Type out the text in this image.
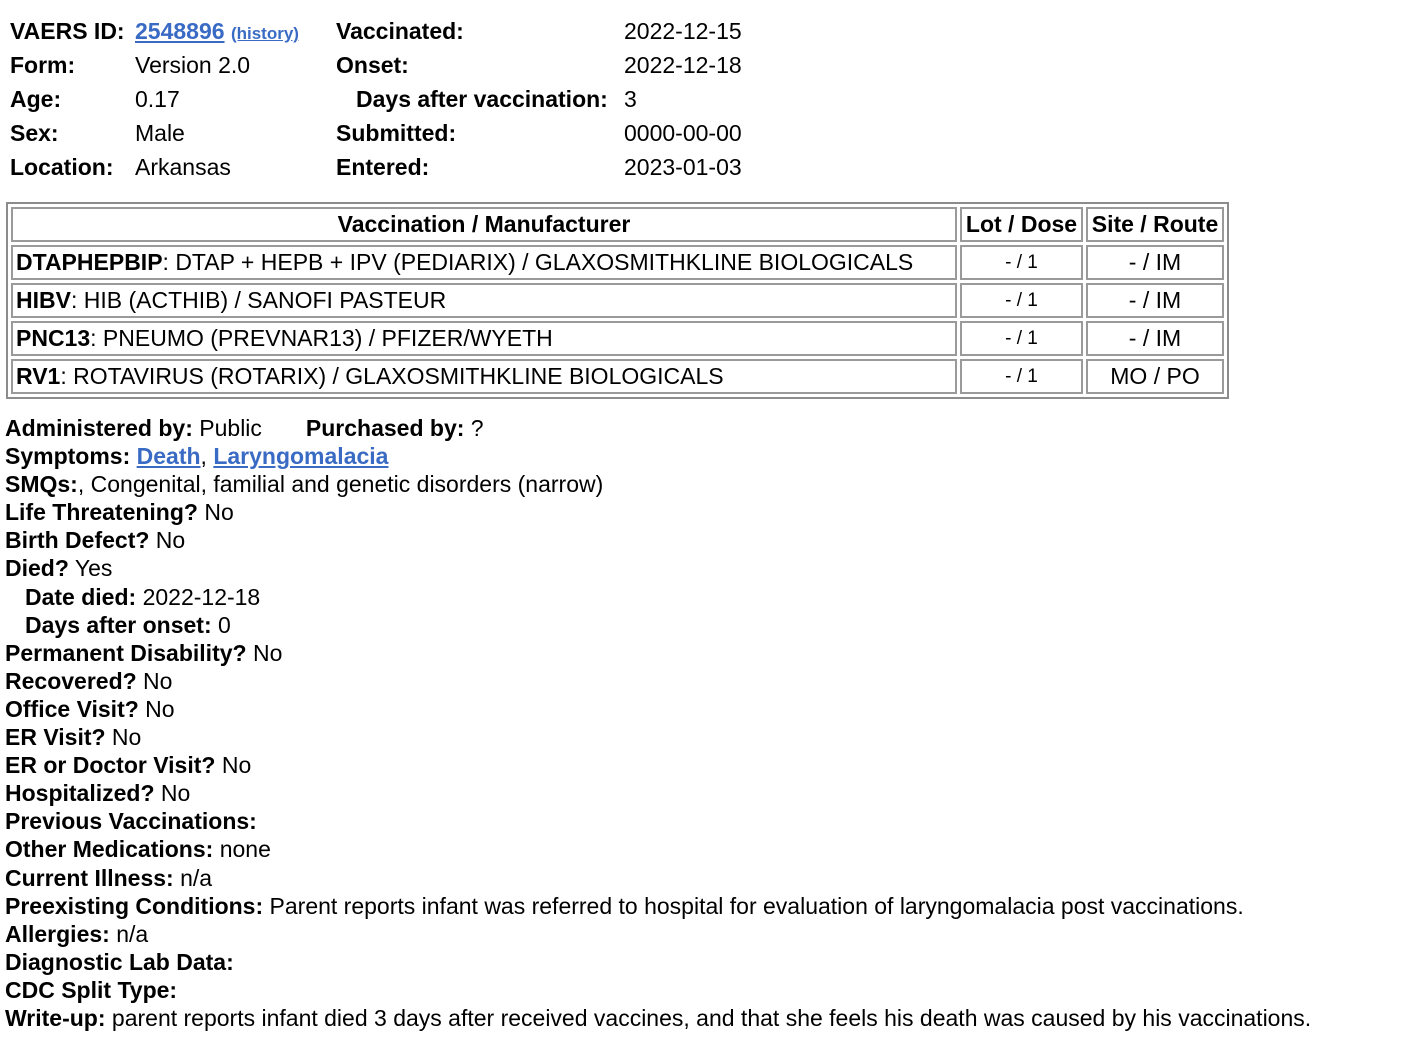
VAERS ID: 2548896 (history) Vaccinated:	2022-12-15
Form:	Version 2.0	Onset:	2022-12-18
Age:	0.17	Days after vaccination: 3
Sex:	Male	Submitted:	0000-00-00
Location: Arkansas	Entered:	2023-01-03
Vaccination / Manufacturer	Lot / Dose	Site / Route
DTAPHEPBIP: DTAP + HEPB + IPV (PEDIARIX) / GLAXOSMITHKLINE BIOLOGICALS	- / 1	- / IM
HIBV: HIB (ACTHIB) / SANOFI PASTEUR	- / 1	- / IM
PNC13: PNEUMO (PREVNAR13) / PFIZER/WYETH	- / 1	- / IM
RV1: ROTAVIRUS (ROTARIX) / GLAXOSMITHKLINE BIOLOGICALS	- / 1	MO / PO
Administered by: Public Purchased by: ?
Symptoms: Death, Laryngomalacia
SMQs:, Congenital, familial and genetic disorders (narrow)
Life Threatening? No
Birth Defect? No
Died? Yes
Date died: 2022-12-18
Days after onset: 0
Permanent Disability? No
Recovered? No
Office Visit? No
ER Visit? No
ER or Doctor Visit? No
Hospitalized? No
Previous Vaccinations:
Other Medications: none
Current Illness: n/a
Preexisting Conditions: Parent reports infant was referred to hospital for evaluation of laryngomalacia post vaccinations.
Allergies: n/a
Diagnostic Lab Data:
CDC Split Type:
Write-up: parent reports infant died 3 days after received vaccines, and that she feels his death was caused by his vaccinations.
